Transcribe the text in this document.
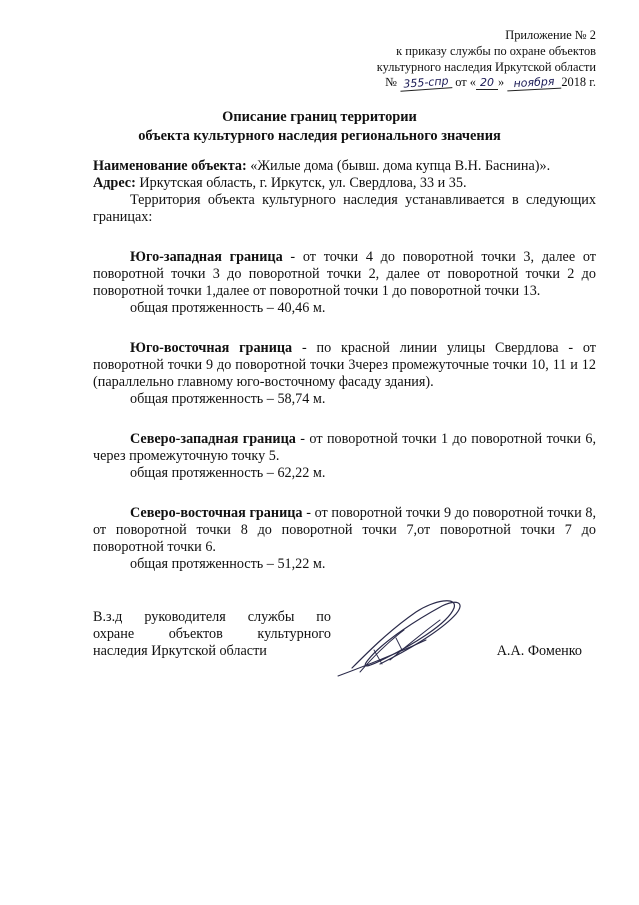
Приложение № 2
к приказу службы по охране объектов
культурного наследия Иркутской области
№ 355-спр от « 20 » ноября 2018 г.
Описание границ территории
объекта культурного наследия регионального значения

Наименование объекта: «Жилые дома (бывш. дома купца В.Н. Баснина)».

Адрес: Иркутская область, г. Иркутск, ул. Свердлова, 33 и 35.

Территория объекта культурного наследия устанавливается в следующих границах:

Юго-западная граница - от точки 4 до поворотной точки 3, далее от поворотной точки 3 до поворотной точки 2, далее от поворотной точки 2 до поворотной точки 1,далее от поворотной точки 1 до поворотной точки 13.

общая протяженность – 40,46 м.

Юго-восточная граница - по красной линии улицы Свердлова - от поворотной точки 9 до поворотной точки 3через промежуточные точки 10, 11 и 12 (параллельно главному юго-восточному фасаду здания).

общая протяженность – 58,74 м.

Северо-западная граница - от поворотной точки 1 до поворотной точки 6, через промежуточную точку 5.

общая протяженность – 62,22 м.

Северо-восточная граница - от поворотной точки 9 до поворотной точки 8, от поворотной точки 8 до поворотной точки 7,от поворотной точки 7 до поворотной точки 6.

общая протяженность – 51,22 м.

В.з.д руководителя службы по
охране объектов культурного
наследия Иркутской области	А.А. Фоменко
